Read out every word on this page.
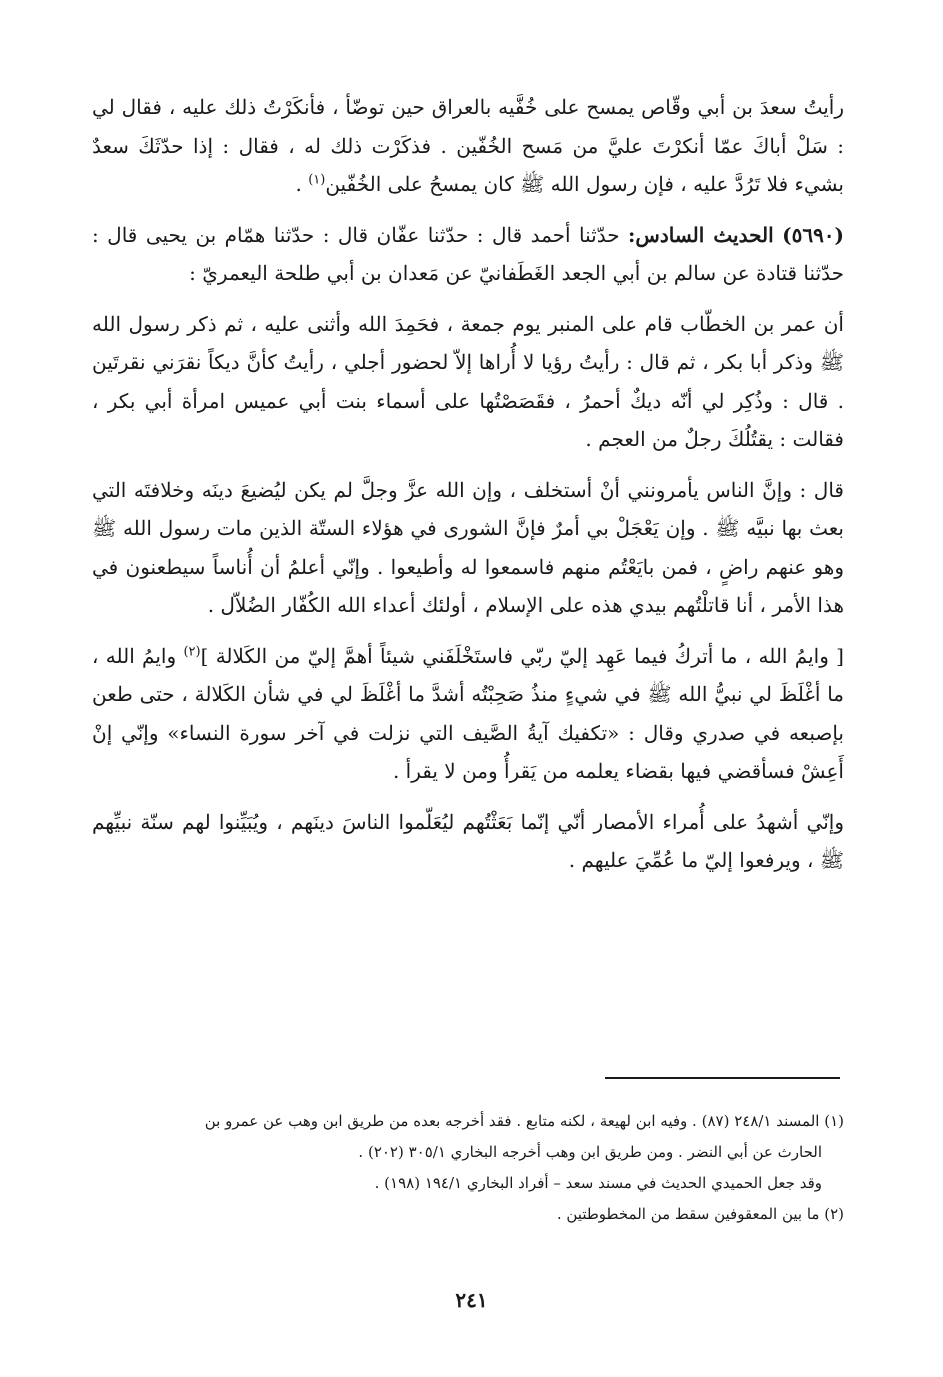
رأيتُ سعدَ بن أبي وقّاص يمسح على خُفَّيه بالعراق حين توضّأ ، فأنكَرْتُ ذلك عليه ، فقال لي : سَلْ أباكَ عمّا أنكرْتَ عليَّ من مَسح الخُفّين . فذكَرْت ذلك له ، فقال : إذا حدّثَكَ سعدٌ بشيء فلا تَرُدَّ عليه ، فإن رسول الله ﷺ كان يمسحُ على الخُفّين$^{(١)}$ .

(٥٦٩٠) الحديث السادس: حدّثنا أحمد قال : حدّثنا عفّان قال : حدّثنا همّام بن يحيى قال : حدّثنا قتادة عن سالم بن أبي الجعد الغَطَفانيّ عن مَعدان بن أبي طلحة اليعمريّ :

أن عمر بن الخطّاب قام على المنبر يوم جمعة ، فحَمِدَ الله وأثنى عليه ، ثم ذكر رسول الله ﷺ وذكر أبا بكر ، ثم قال : رأيتُ رؤيا لا أُراها إلاّ لحضور أجلي ، رأيتُ كأنَّ ديكاً نقرَني نقرتَين . قال : وذُكِر لي أنّه ديكٌ أحمرُ ، فقَصَصْتُها على أسماء بنت أبي عميس امرأة أبي بكر ، فقالت : يقتُلُكَ رجلٌ من العجم .

قال : وإنَّ الناس يأمرونني أنْ أستخلف ، وإن الله عزَّ وجلَّ لم يكن ليُضيعَ دينَه وخلافتَه التي بعث بها نبيَّه ﷺ . وإن يَعْجَلْ بي أمرٌ فإنَّ الشورى في هؤلاء الستّة الذين مات رسول الله ﷺ وهو عنهم راضٍ ، فمن بايَعْتُم منهم فاسمعوا له وأطيعوا . وإنّي أعلمُ أن أُناساً سيطعنون في هذا الأمر ، أنا قاتلْتُهم بيدي هذه على الإسلام ، أولئك أعداء الله الكُفّار الضُلاّل .

[ وايمُ الله ، ما أتركُ فيما عَهِد إليّ ربّي فاستَخْلَفَني شيئاً أهمَّ إليّ من الكَلالة ]$^{(٢)}$ وايمُ الله ، ما أغْلَظَ لي نبيُّ الله ﷺ في شيءٍ منذُ صَحِبْتُه أشدَّ ما أغْلَظَ لي في شأن الكَلالة ، حتى طعن بإصبعه في صدري وقال : «تكفيك آيةُ الصَّيف التي نزلت في آخر سورة النساء» وإنّي إنْ أَعِشْ فسأقضي فيها بقضاء يعلمه من يَقرأُ ومن لا يقرأ .

وإنّي أشهدُ على أُمراء الأمصار أنّي إنّما بَعَثْتُهم ليُعَلّموا الناسَ دينَهم ، ويُبَيِّنوا لهم سنّة نبيِّهم ﷺ ، ويرفعوا إليّ ما عُمِّيَ عليهم .

(١) المسند ٢٤٨/١ (٨٧) . وفيه ابن لهيعة ، لكنه متابع . فقد أخرجه بعده من طريق ابن وهب عن عمرو بن

الحارث عن أبي النضر . ومن طريق ابن وهب أخرجه البخاري ٣٠٥/١ (٢٠٢) .

وقد جعل الحميدي الحديث في مسند سعد – أفراد البخاري ١٩٤/١ (١٩٨) .

(٢) ما بين المعقوفين سقط من المخطوطتين .

٢٤١
